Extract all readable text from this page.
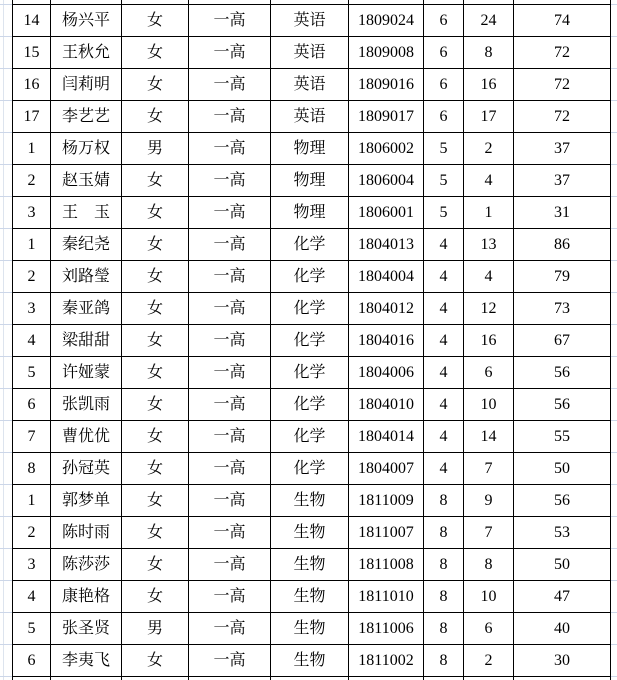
14	杨兴平	女	一高	英语	1809024	6	24	74
15	王秋允	女	一高	英语	1809008	6	8	72
16	闫莉明	女	一高	英语	1809016	6	16	72
17	李艺艺	女	一高	英语	1809017	6	17	72
1	杨万权	男	一高	物理	1806002	5	2	37
2	赵玉婧	女	一高	物理	1806004	5	4	37
3	王　玉	女	一高	物理	1806001	5	1	31
1	秦纪尧	女	一高	化学	1804013	4	13	86
2	刘路瑩	女	一高	化学	1804004	4	4	79
3	秦亚鸽	女	一高	化学	1804012	4	12	73
4	梁甜甜	女	一高	化学	1804016	4	16	67
5	许娅蒙	女	一高	化学	1804006	4	6	56
6	张凯雨	女	一高	化学	1804010	4	10	56
7	曹优优	女	一高	化学	1804014	4	14	55
8	孙冠英	女	一高	化学	1804007	4	7	50
1	郭梦单	女	一高	生物	1811009	8	9	56
2	陈时雨	女	一高	生物	1811007	8	7	53
3	陈莎莎	女	一高	生物	1811008	8	8	50
4	康艳格	女	一高	生物	1811010	8	10	47
5	张圣贤	男	一高	生物	1811006	8	6	40
6	李夷飞	女	一高	生物	1811002	8	2	30
